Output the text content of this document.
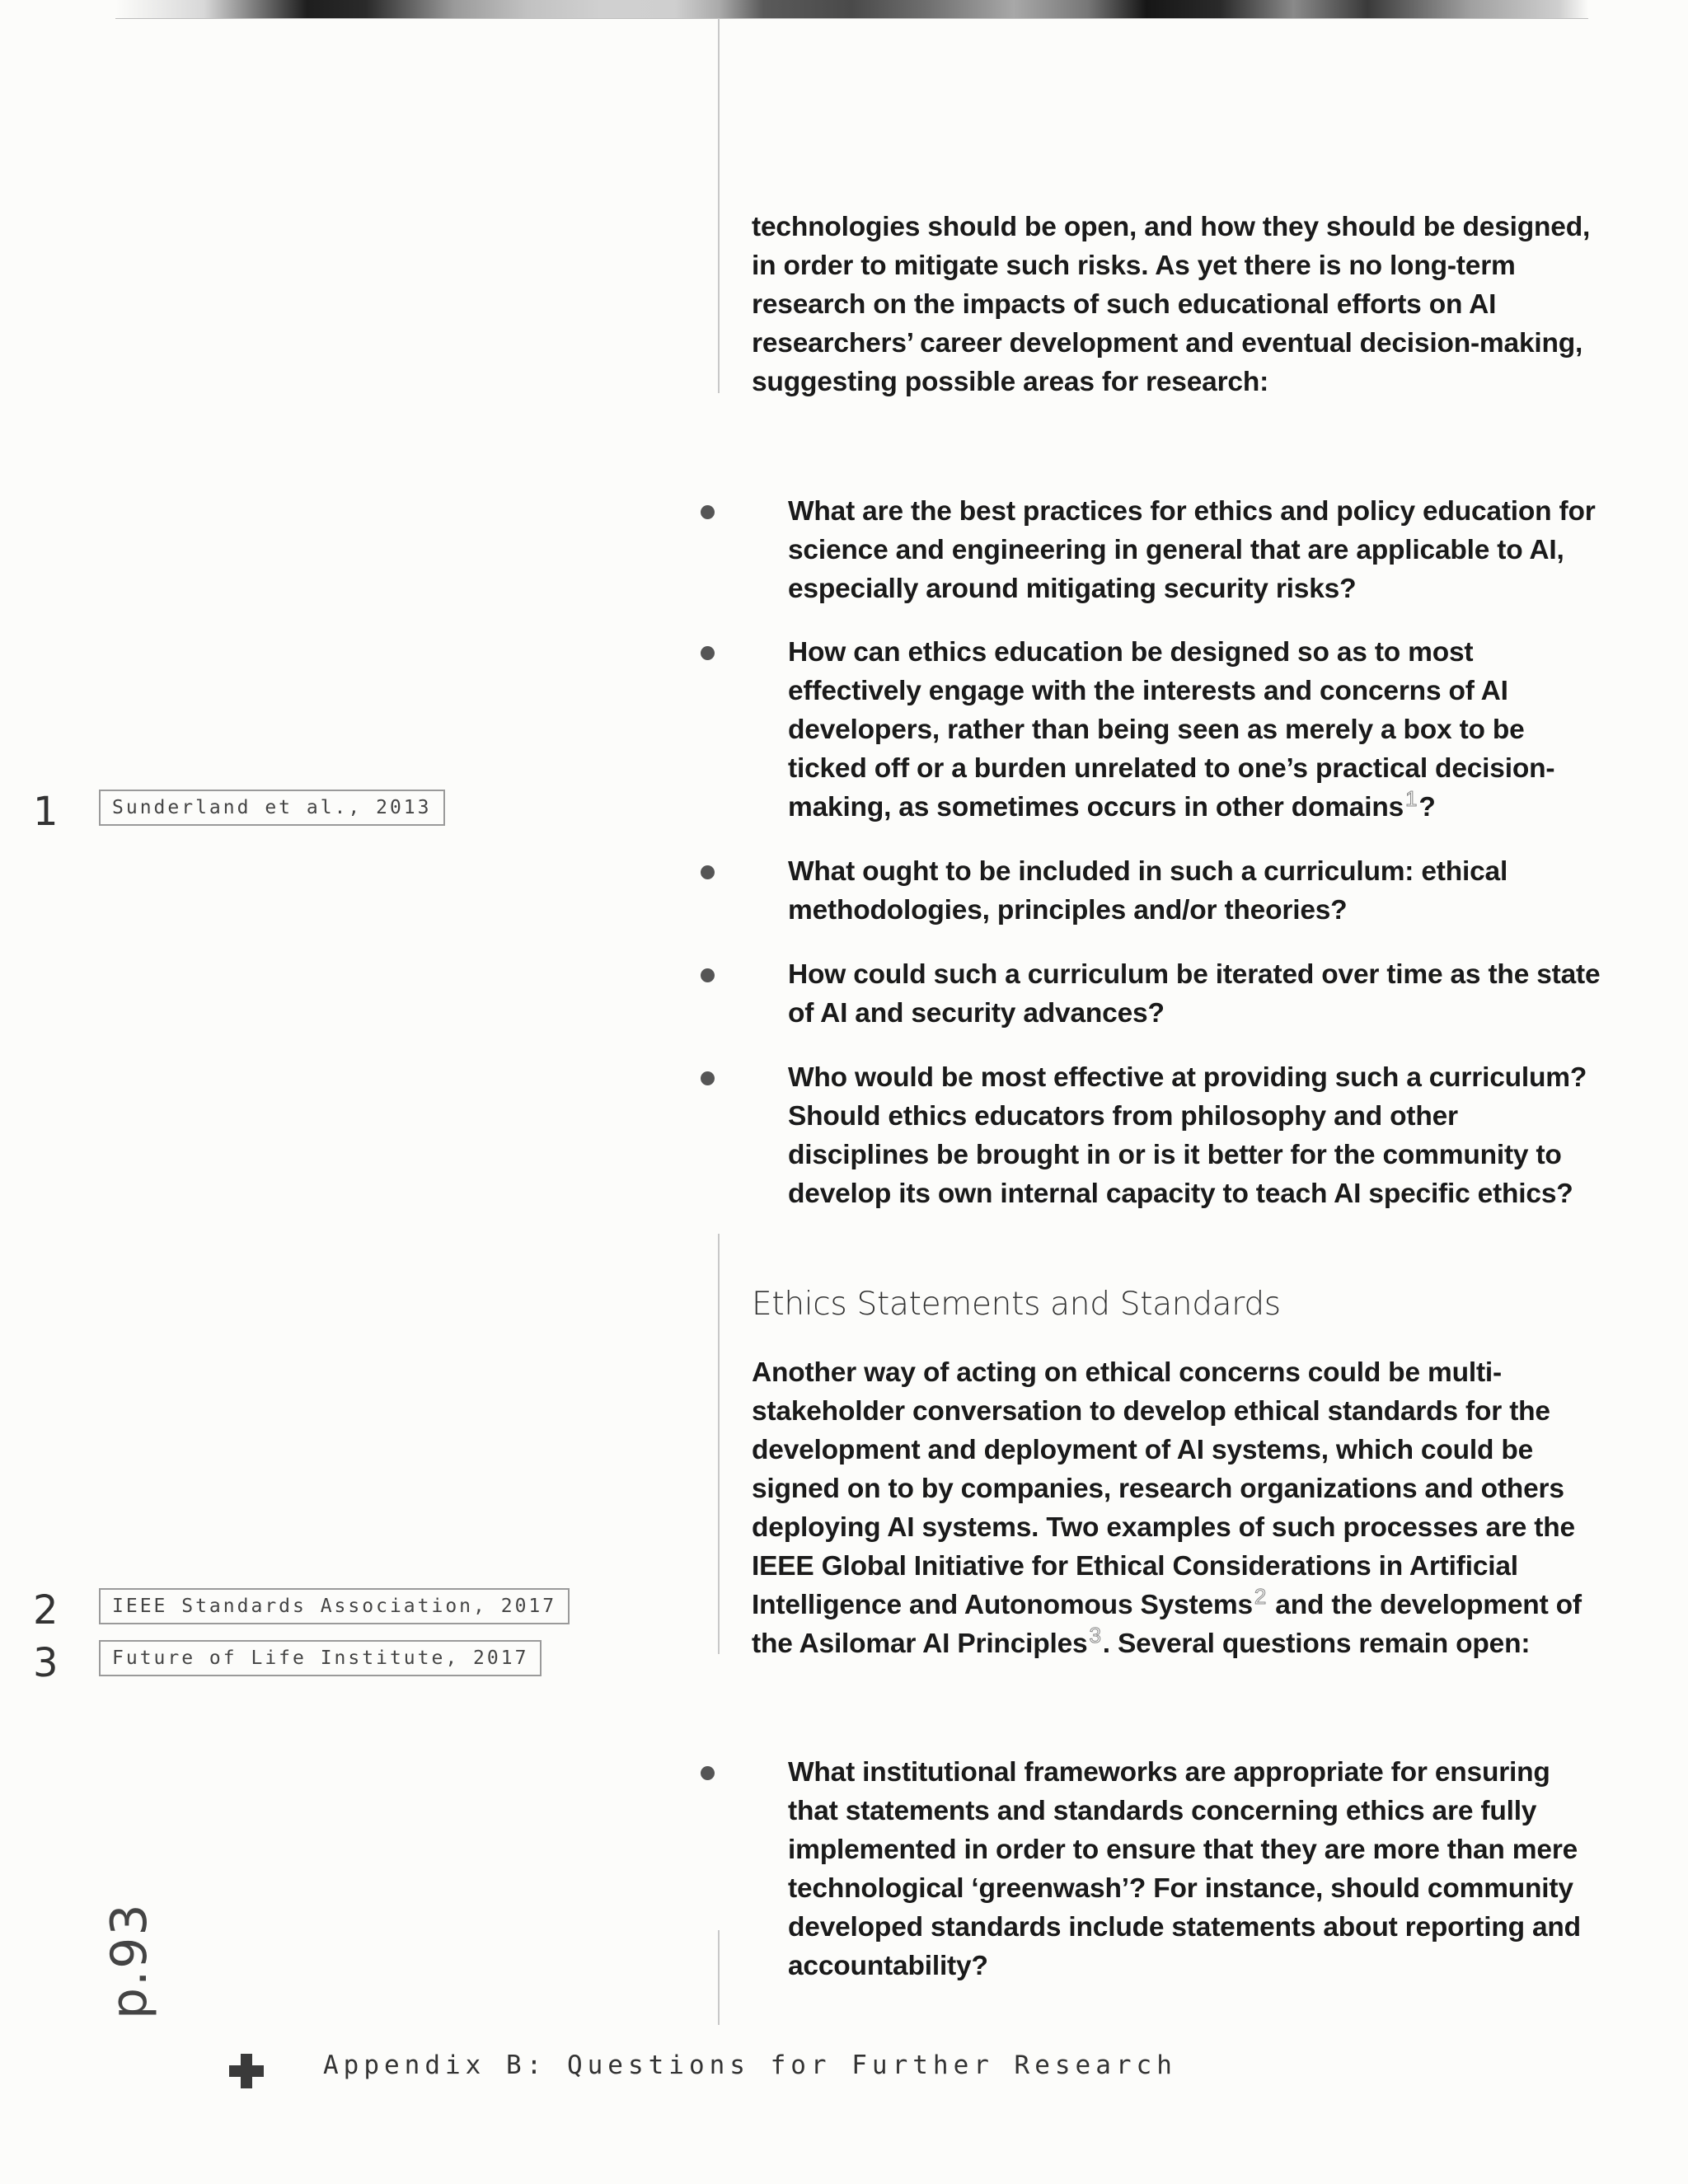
technologies should be open, and how they should be designed, in order to mitigate such risks. As yet there is no long-term research on the impacts of such educational efforts on AI researchers’ career development and eventual decision-making, suggesting possible areas for research:

What are the best practices for ethics and policy education for science and engineering in general that are applicable to AI, especially around mitigating security risks?
How can ethics education be designed so as to most effectively engage with the interests and concerns of AI developers, rather than being seen as merely a box to be ticked off or a burden unrelated to one’s practical decision-making, as sometimes occurs in other domains$^1$?
What ought to be included in such a curriculum: ethical methodologies, principles and/or theories?
How could such a curriculum be iterated over time as the state of AI and security advances?
Who would be most effective at providing such a curriculum? Should ethics educators from philosophy and other disciplines be brought in or is it better for the community to develop its own internal capacity to teach AI specific ethics?
What institutional frameworks are appropriate for ensuring that statements and standards concerning ethics are fully implemented in order to ensure that they are more than mere technological ‘greenwash’? For instance, should community developed standards include statements about reporting and accountability?
Ethics Statements and Standards

Another way of acting on ethical concerns could be multi-stakeholder conversation to develop ethical standards for the development and deployment of AI systems, which could be signed on to by companies, research organizations and others deploying AI systems. Two examples of such processes are the IEEE Global Initiative for Ethical Considerations in Artificial Intelligence and Autonomous Systems$^2$ and the development of the Asilomar AI Principles$^3$. Several questions remain open:

1	Sunderland et al., 2013
2	IEEE Standards Association, 2017
3	Future of Life Institute, 2017
p.93

Appendix B: Questions for Further Research
